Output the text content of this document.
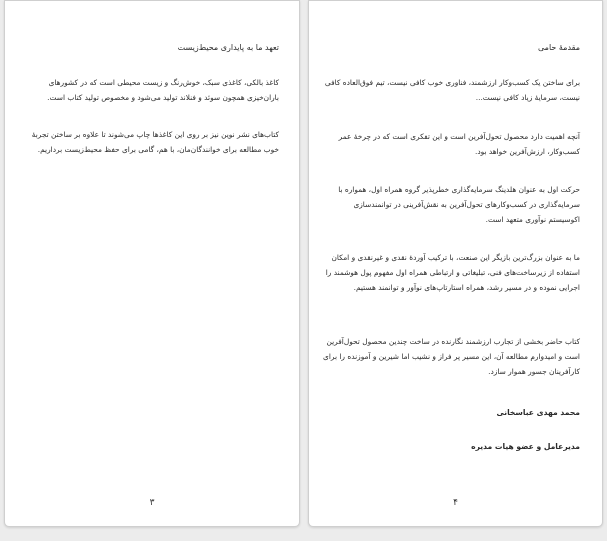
تعهد ما به پایداری محیط‌زیست
کاغذ بالکی، کاغذی سبک، خوش‌رنگ و زیست محیطی است که در کشورهای باران‌خیزی همچون سوئد و فنلاند تولید می‌شود و مخصوص تولید کتاب است.
کتاب‌های نشر نوین نیز بر روی این کاغذها چاپ می‌شوند تا علاوه بر ساختن تجربهٔ خوب مطالعه برای خوانندگان‌مان، با هم، گامی برای حفظ محیط‌زیست برداریم.
۳
مقدمهٔ حامی
برای ساختن یک کسب‌وکار ارزشمند، فناوری خوب کافی نیست، تیم فوق‌العاده کافی نیست، سرمایهٔ زیاد کافی نیست...
آنچه اهمیت دارد محصول تحول‌آفرین است و این تفکری است که در چرخهٔ عمر کسب‌وکار، ارزش‌آفرین خواهد بود.
حرکت اول به عنوان هلدینگ سرمایه‌گذاری خطرپذیر گروه همراه اول، همواره با سرمایه‌گذاری در کسب‌وکارهای تحول‌آفرین به نقش‌آفرینی در توانمندسازی اکوسیستم نوآوری متعهد است.
ما به عنوان بزرگ‌ترین بازیگر این صنعت، با ترکیب آوردهٔ نقدی و غیرنقدی و امکان استفاده از زیرساخت‌های فنی، تبلیغاتی و ارتباطی همراه اول مفهوم پول هوشمند را اجرایی نموده و در مسیر رشد، همراه استارتاپ‌های نوآور و توانمند هستیم.
کتاب حاضر بخشی از تجارب ارزشمند نگارنده در ساخت چندین محصول تحول‌آفرین است و امیدوارم مطالعه آن، این مسیر پر فراز و نشیب اما شیرین و آموزنده را برای کارآفرینان جسور هموار سازد.
محمد مهدی عباسخانی
مدیرعامل و عضو هیات مدیره
۴
